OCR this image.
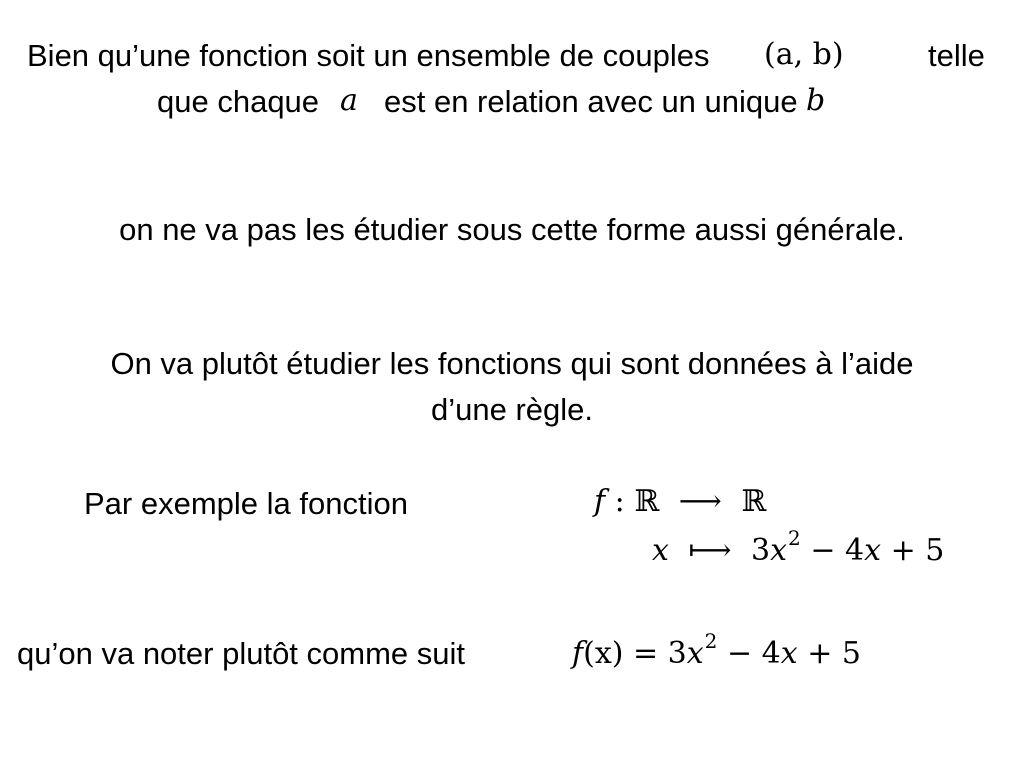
Bien qu’une fonction soit un ensemble de couples (a, b)	telle
que chaque a est en relation avec un unique b
on ne va pas les étudier sous cette forme aussi générale.
On va plutôt étudier les fonctions qui sont données à l’aide
d’une règle.
Par exemple la fonction	f : ℝ ⟶ ℝ
x ⟼ $3x^2 - 4x + 5$
qu’on va noter plutôt comme suit	$f(x) = 3x^2 - 4x + 5$
